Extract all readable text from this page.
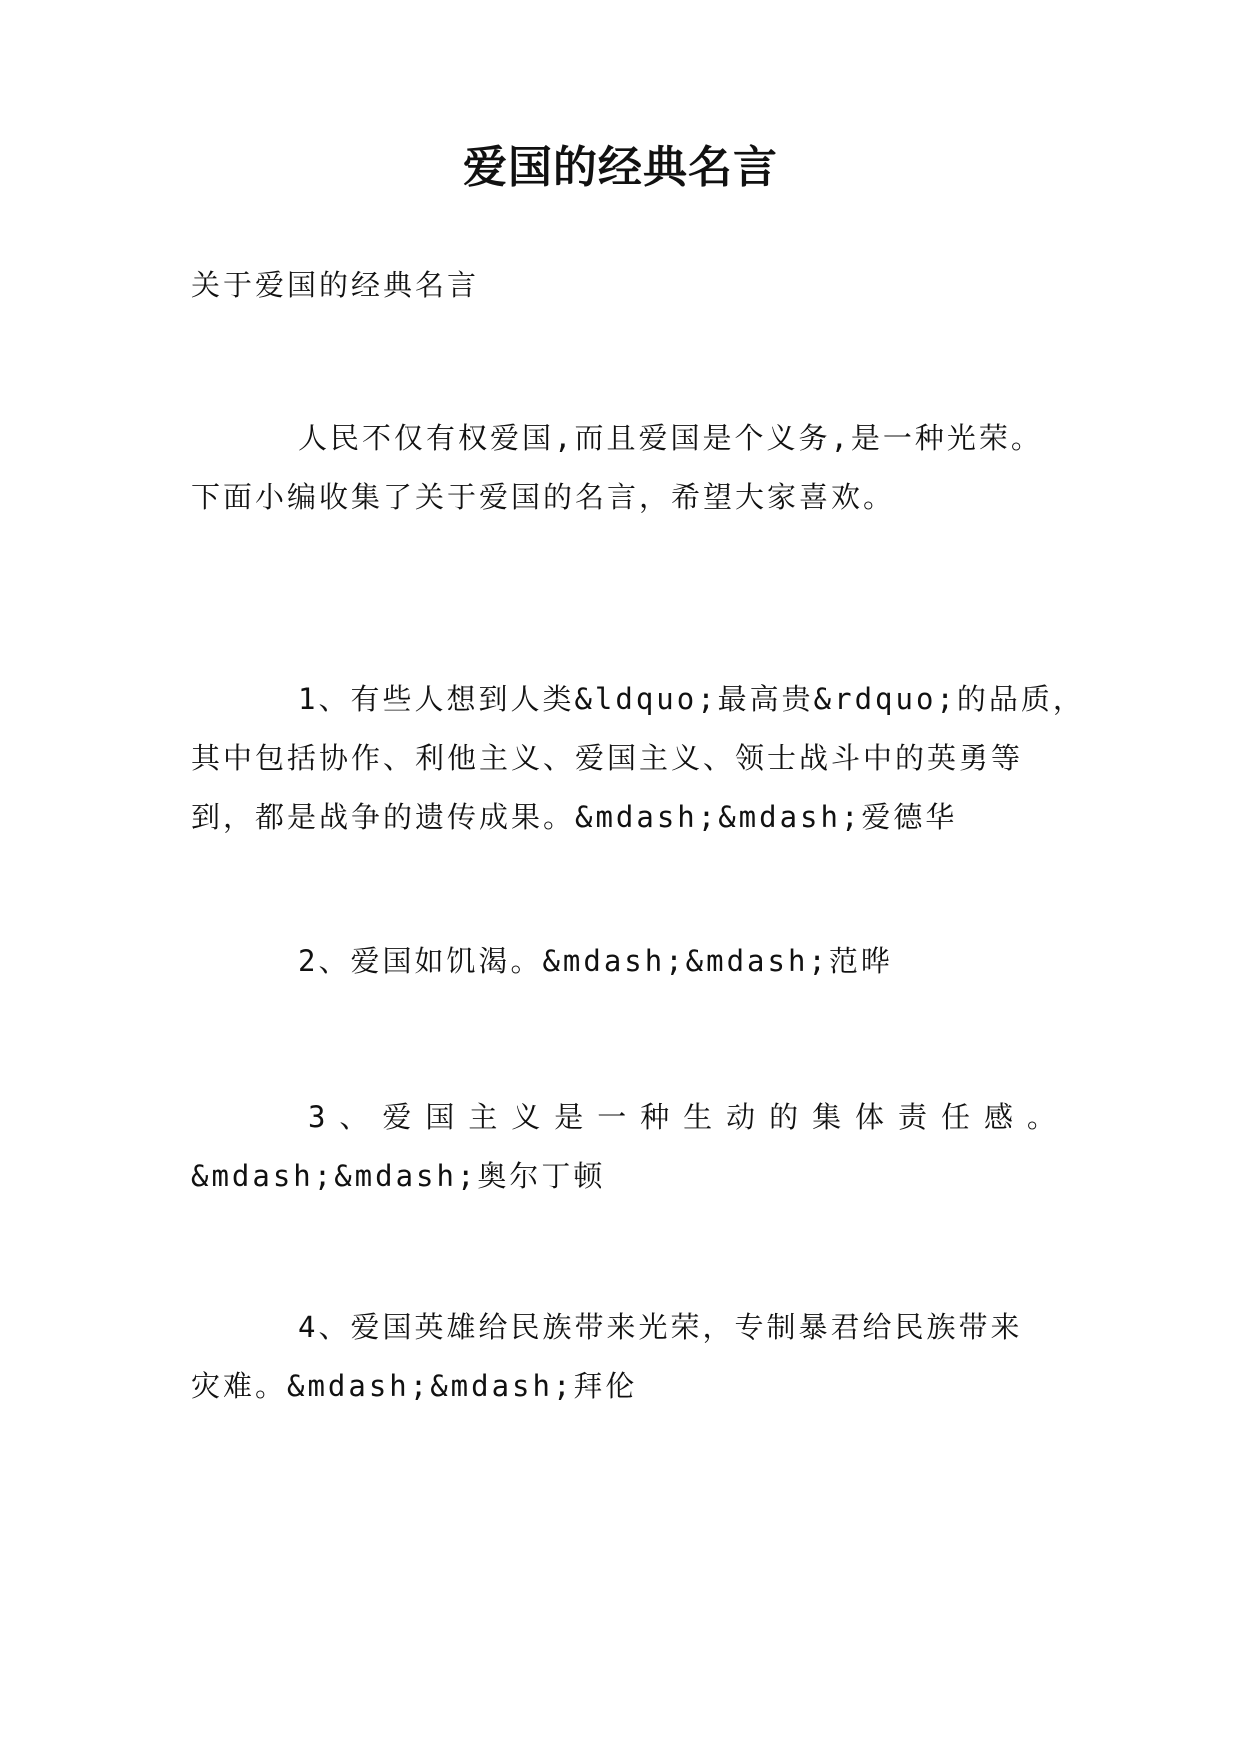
爱国的经典名言
关于爱国的经典名言
人民不仅有权爱国,而且爱国是个义务,是一种光荣。
下面小编收集了关于爱国的名言，希望大家喜欢。
1、有些人想到人类&ldquo;最高贵&rdquo;的品质，
其中包括协作、利他主义、爱国主义、领士战斗中的英勇等
到，都是战争的遗传成果。&mdash;&mdash;爱德华
2、爱国如饥渴。&mdash;&mdash;范晔
3 、 爱 国 主 义 是 一 种 生 动 的 集 体 责 任 感 。
&mdash;&mdash;奥尔丁顿
4、爱国英雄给民族带来光荣，专制暴君给民族带来
灾难。&mdash;&mdash;拜伦
